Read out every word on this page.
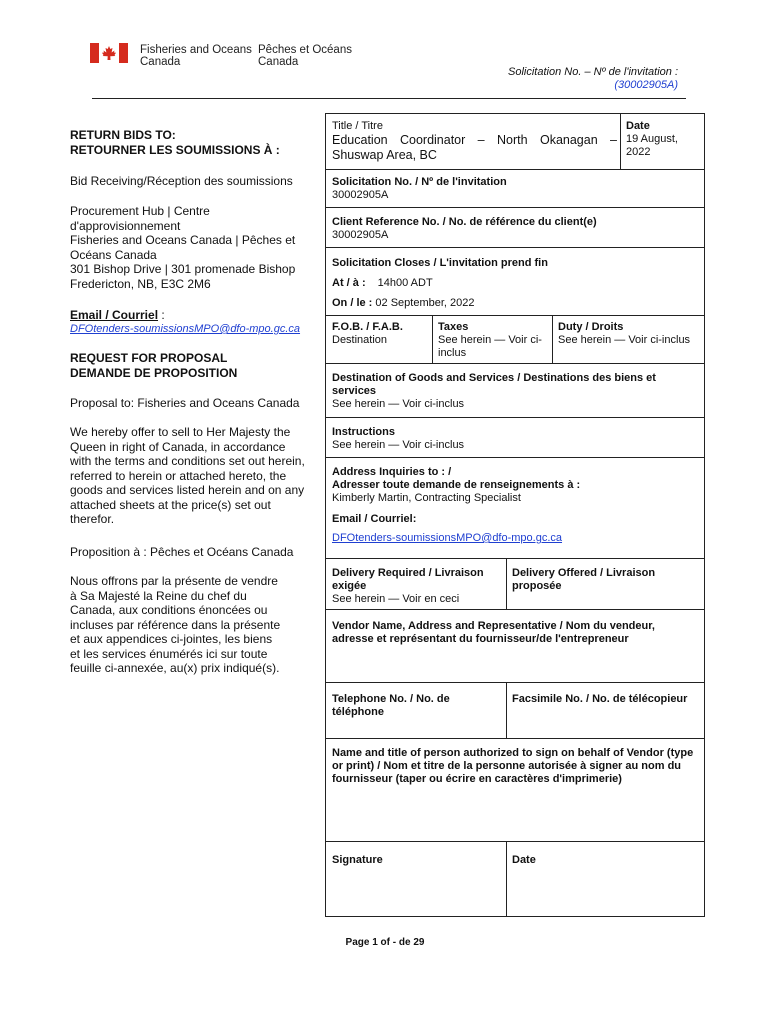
Fisheries and Oceans
Canada
Pêches et Océans
Canada
Solicitation No. – Nº de l'invitation :
(30002905A)
RETURN BIDS TO:
RETOURNER LES SOUMISSIONS À :
Bid Receiving/Réception des soumissions
Procurement Hub | Centre
d'approvisionnement
Fisheries and Oceans Canada | Pêches et
Océans Canada
301 Bishop Drive | 301 promenade Bishop
Fredericton, NB, E3C 2M6
Email / Courriel :
DFOtenders-soumissionsMPO@dfo-mpo.gc.ca
REQUEST FOR PROPOSAL
DEMANDE DE PROPOSITION
Proposal to: Fisheries and Oceans Canada
We hereby offer to sell to Her Majesty the
Queen in right of Canada, in accordance
with the terms and conditions set out herein,
referred to herein or attached hereto, the
goods and services listed herein and on any
attached sheets at the price(s) set out
therefor.
Proposition à : Pêches et Océans Canada
Nous offrons par la présente de vendre
à Sa Majesté la Reine du chef du
Canada, aux conditions énoncées ou
incluses par référence dans la présente
et aux appendices ci-jointes, les biens
et les services énumérés ici sur toute
feuille ci-annexée, au(x) prix indiqué(s).
Title / Titre
Education Coordinator – North Okanagan –
Shuswap Area, BC
Date
19 August,
2022
Solicitation No. / Nº de l'invitation
30002905A
Client Reference No. / No. de référence du client(e)
30002905A
Solicitation Closes / L'invitation prend fin
At / à : 14h00 ADT
On / le : 02 September, 2022
F.O.B. / F.A.B.
Destination
Taxes
See herein — Voir ci-inclus
Duty / Droits
See herein — Voir ci-inclus
Destination of Goods and Services / Destinations des biens et services
See herein — Voir ci-inclus
Instructions
See herein — Voir ci-inclus
Address Inquiries to : /
Adresser toute demande de renseignements à :
Kimberly Martin, Contracting Specialist
Email / Courriel:
DFOtenders-soumissionsMPO@dfo-mpo.gc.ca
Delivery Required / Livraison exigée
See herein — Voir en ceci
Delivery Offered / Livraison proposée
Vendor Name, Address and Representative / Nom du vendeur,
adresse et représentant du fournisseur/de l'entrepreneur
Telephone No. / No. de téléphone
Facsimile No. / No. de télécopieur
Name and title of person authorized to sign on behalf of Vendor (type or print) / Nom et titre de la personne autorisée à signer au nom du fournisseur (taper ou écrire en caractères d'imprimerie)
Signature	Date
Page 1 of - de 29
